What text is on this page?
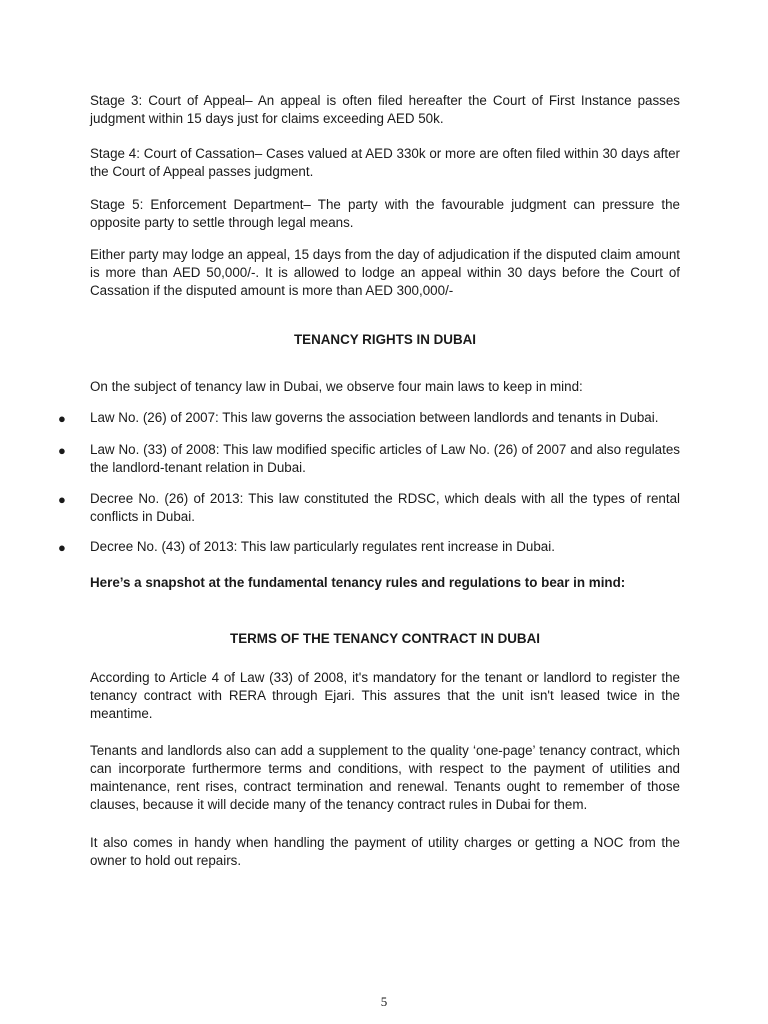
Stage 3: Court of Appeal– An appeal is often filed hereafter the Court of First Instance passes judgment within 15 days just for claims exceeding AED 50k.

Stage 4: Court of Cassation– Cases valued at AED 330k or more are often filed within 30 days after the Court of Appeal passes judgment.

Stage 5: Enforcement Department– The party with the favourable judgment can pressure the opposite party to settle through legal means.

Either party may lodge an appeal, 15 days from the day of adjudication if the disputed claim amount is more than AED 50,000/-. It is allowed to lodge an appeal within 30 days before the Court of Cassation if the disputed amount is more than AED 300,000/-

TENANCY RIGHTS IN DUBAI

On the subject of tenancy law in Dubai, we observe four main laws to keep in mind:

● Law No. (26) of 2007: This law governs the association between landlords and tenants in Dubai.

● Law No. (33) of 2008: This law modified specific articles of Law No. (26) of 2007 and also regulates the landlord-tenant relation in Dubai.

● Decree No. (26) of 2013: This law constituted the RDSC, which deals with all the types of rental conflicts in Dubai.

● Decree No. (43) of 2013: This law particularly regulates rent increase in Dubai.

Here’s a snapshot at the fundamental tenancy rules and regulations to bear in mind:

TERMS OF THE TENANCY CONTRACT IN DUBAI

According to Article 4 of Law (33) of 2008, it's mandatory for the tenant or landlord to register the tenancy contract with RERA through Ejari. This assures that the unit isn't leased twice in the meantime.

Tenants and landlords also can add a supplement to the quality ‘one-page’ tenancy contract, which can incorporate furthermore terms and conditions, with respect to the payment of utilities and maintenance, rent rises, contract termination and renewal. Tenants ought to remember of those clauses, because it will decide many of the tenancy contract rules in Dubai for them.

It also comes in handy when handling the payment of utility charges or getting a NOC from the owner to hold out repairs.

5
